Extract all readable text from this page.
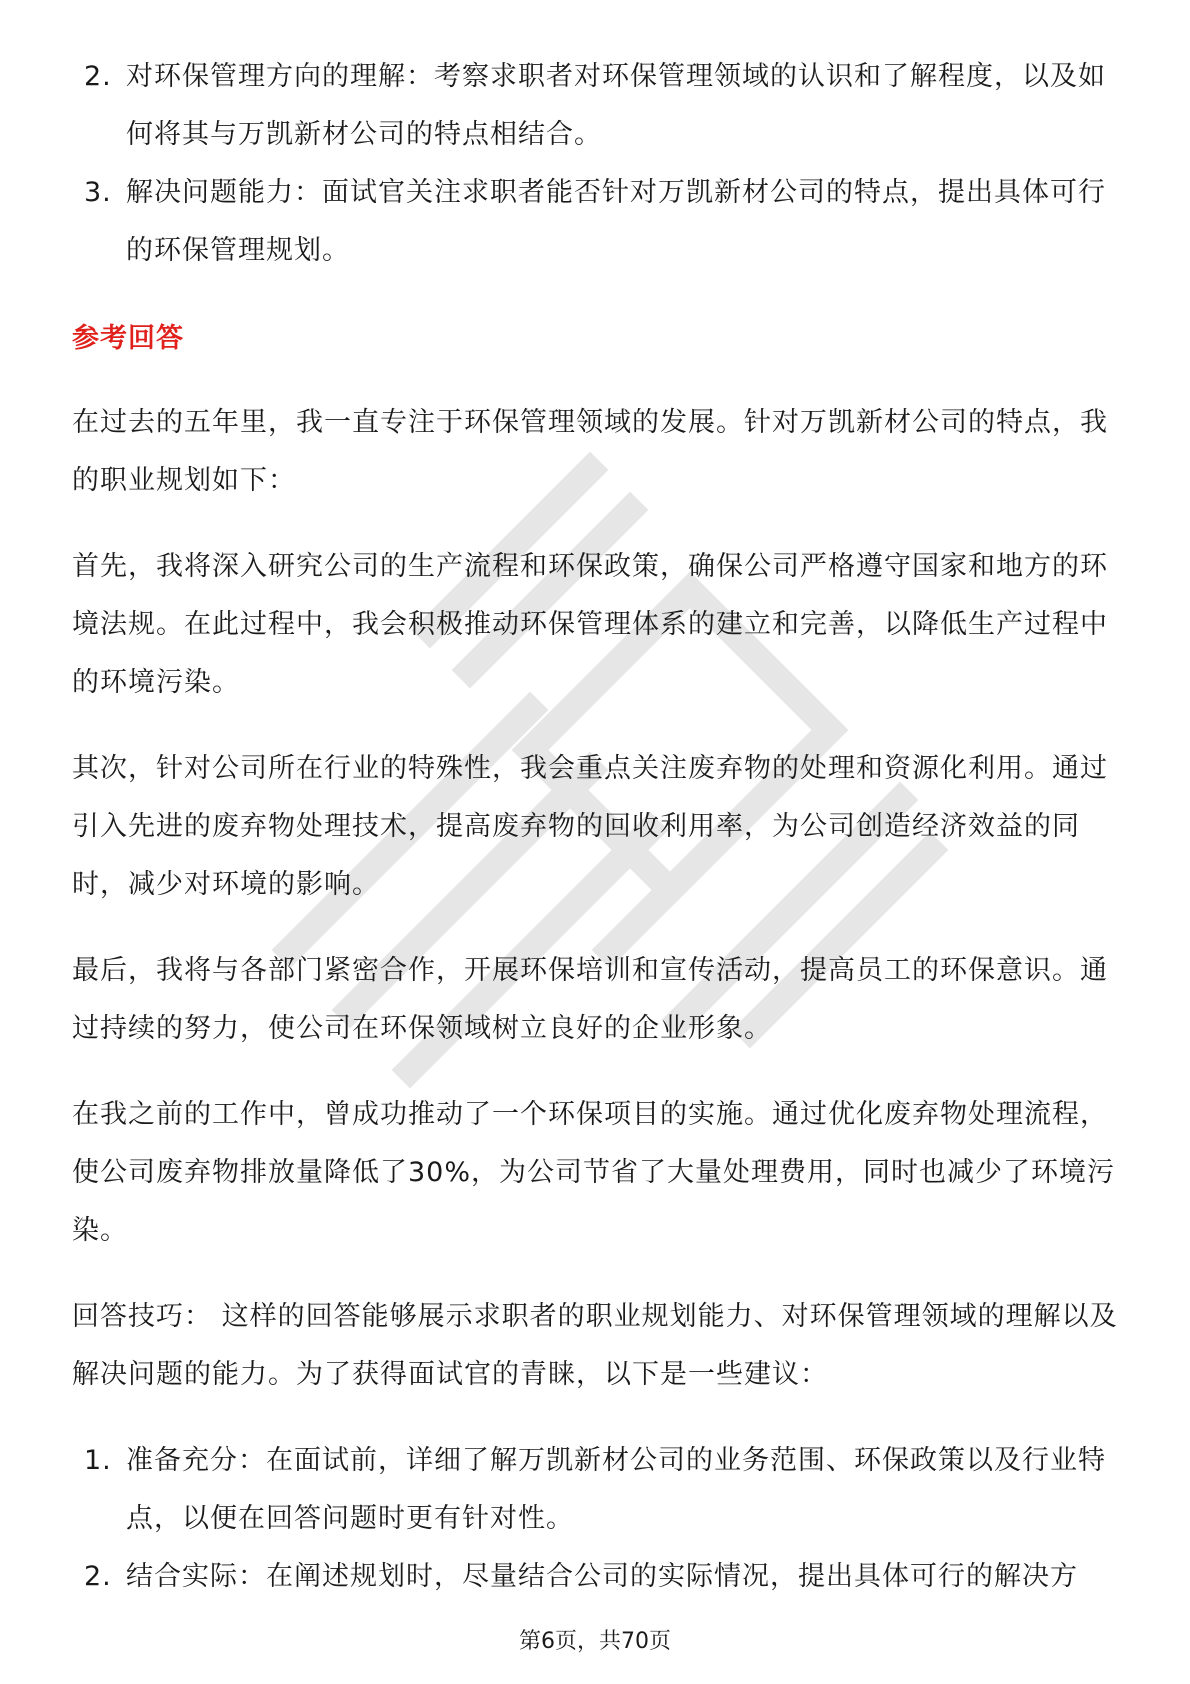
2. 对环保管理方向的理解：考察求职者对环保管理领域的认识和了解程度，以及如何将其与万凯新材公司的特点相结合。
3. 解决问题能力：面试官关注求职者能否针对万凯新材公司的特点，提出具体可行的环保管理规划。
参考回答

在过去的五年里，我一直专注于环保管理领域的发展。针对万凯新材公司的特点，我的职业规划如下：

首先，我将深入研究公司的生产流程和环保政策，确保公司严格遵守国家和地方的环境法规。在此过程中，我会积极推动环保管理体系的建立和完善，以降低生产过程中的环境污染。

其次，针对公司所在行业的特殊性，我会重点关注废弃物的处理和资源化利用。通过引入先进的废弃物处理技术，提高废弃物的回收利用率，为公司创造经济效益的同时，减少对环境的影响。

最后，我将与各部门紧密合作，开展环保培训和宣传活动，提高员工的环保意识。通过持续的努力，使公司在环保领域树立良好的企业形象。

在我之前的工作中，曾成功推动了一个环保项目的实施。通过优化废弃物处理流程，使公司废弃物排放量降低了30%，为公司节省了大量处理费用，同时也减少了环境污染。

回答技巧： 这样的回答能够展示求职者的职业规划能力、对环保管理领域的理解以及解决问题的能力。为了获得面试官的青睐，以下是一些建议：

1. 准备充分：在面试前，详细了解万凯新材公司的业务范围、环保政策以及行业特点，以便在回答问题时更有针对性。
2. 结合实际：在阐述规划时，尽量结合公司的实际情况，提出具体可行的解决方
第6页，共70页
